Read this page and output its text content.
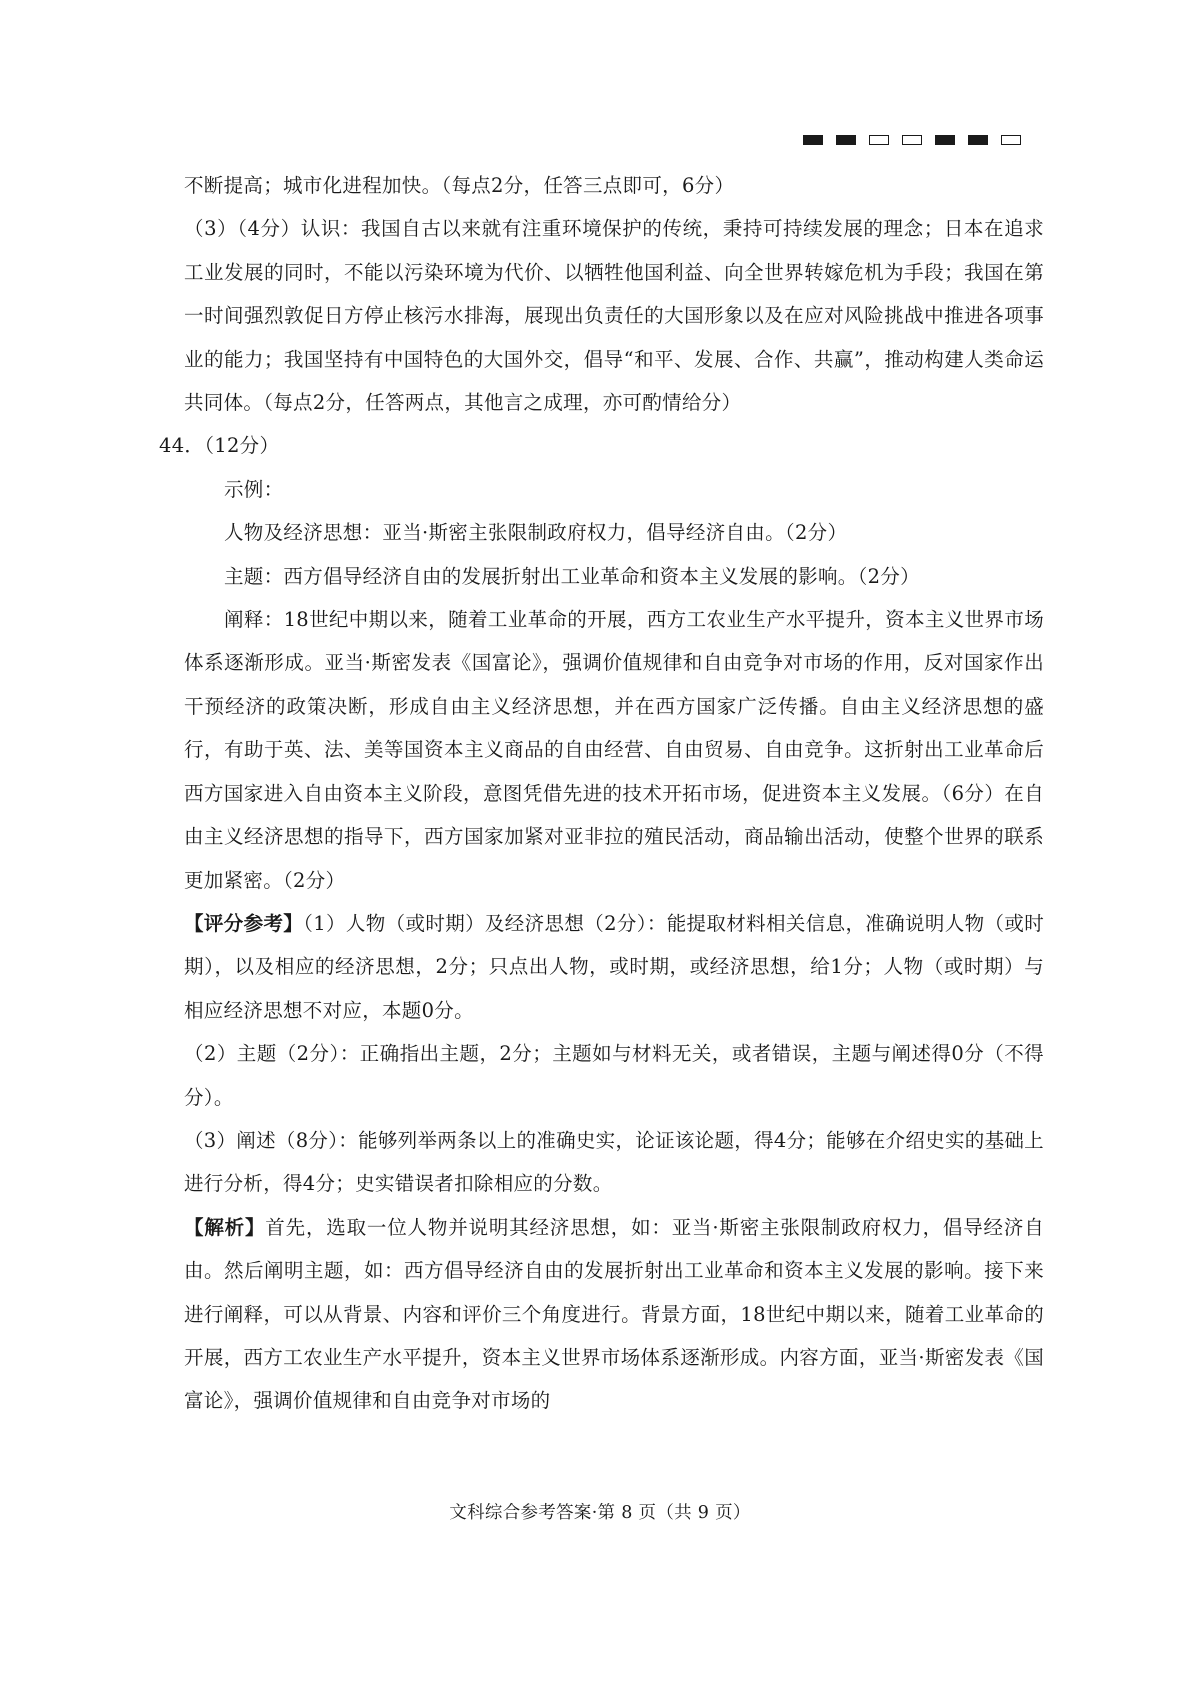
不断提高；城市化进程加快。（每点2分，任答三点即可，6分）

（3）（4分）认识：我国自古以来就有注重环境保护的传统，秉持可持续发展的理念；日本在追求工业发展的同时，不能以污染环境为代价、以牺牲他国利益、向全世界转嫁危机为手段；我国在第一时间强烈敦促日方停止核污水排海，展现出负责任的大国形象以及在应对风险挑战中推进各项事业的能力；我国坚持有中国特色的大国外交，倡导“和平、发展、合作、共赢”，推动构建人类命运共同体。（每点2分，任答两点，其他言之成理，亦可酌情给分）

44．（12分）

示例：

人物及经济思想：亚当·斯密主张限制政府权力，倡导经济自由。（2分）

主题：西方倡导经济自由的发展折射出工业革命和资本主义发展的影响。（2分）

阐释：18世纪中期以来，随着工业革命的开展，西方工农业生产水平提升，资本主义世界市场体系逐渐形成。亚当·斯密发表《国富论》，强调价值规律和自由竞争对市场的作用，反对国家作出干预经济的政策决断，形成自由主义经济思想，并在西方国家广泛传播。自由主义经济思想的盛行，有助于英、法、美等国资本主义商品的自由经营、自由贸易、自由竞争。这折射出工业革命后西方国家进入自由资本主义阶段，意图凭借先进的技术开拓市场，促进资本主义发展。（6分）在自由主义经济思想的指导下，西方国家加紧对亚非拉的殖民活动，商品输出活动，使整个世界的联系更加紧密。（2分）

【评分参考】（1）人物（或时期）及经济思想（2分）：能提取材料相关信息，准确说明人物（或时期），以及相应的经济思想，2分；只点出人物，或时期，或经济思想，给1分；人物（或时期）与相应经济思想不对应，本题0分。

（2）主题（2分）：正确指出主题，2分；主题如与材料无关，或者错误，主题与阐述得0分（不得分）。

（3）阐述（8分）：能够列举两条以上的准确史实，论证该论题，得4分；能够在介绍史实的基础上进行分析，得4分；史实错误者扣除相应的分数。

【解析】首先，选取一位人物并说明其经济思想，如：亚当·斯密主张限制政府权力，倡导经济自由。然后阐明主题，如：西方倡导经济自由的发展折射出工业革命和资本主义发展的影响。接下来进行阐释，可以从背景、内容和评价三个角度进行。背景方面，18世纪中期以来，随着工业革命的开展，西方工农业生产水平提升，资本主义世界市场体系逐渐形成。内容方面，亚当·斯密发表《国富论》，强调价值规律和自由竞争对市场的

文科综合参考答案·第 8 页（共 9 页）
